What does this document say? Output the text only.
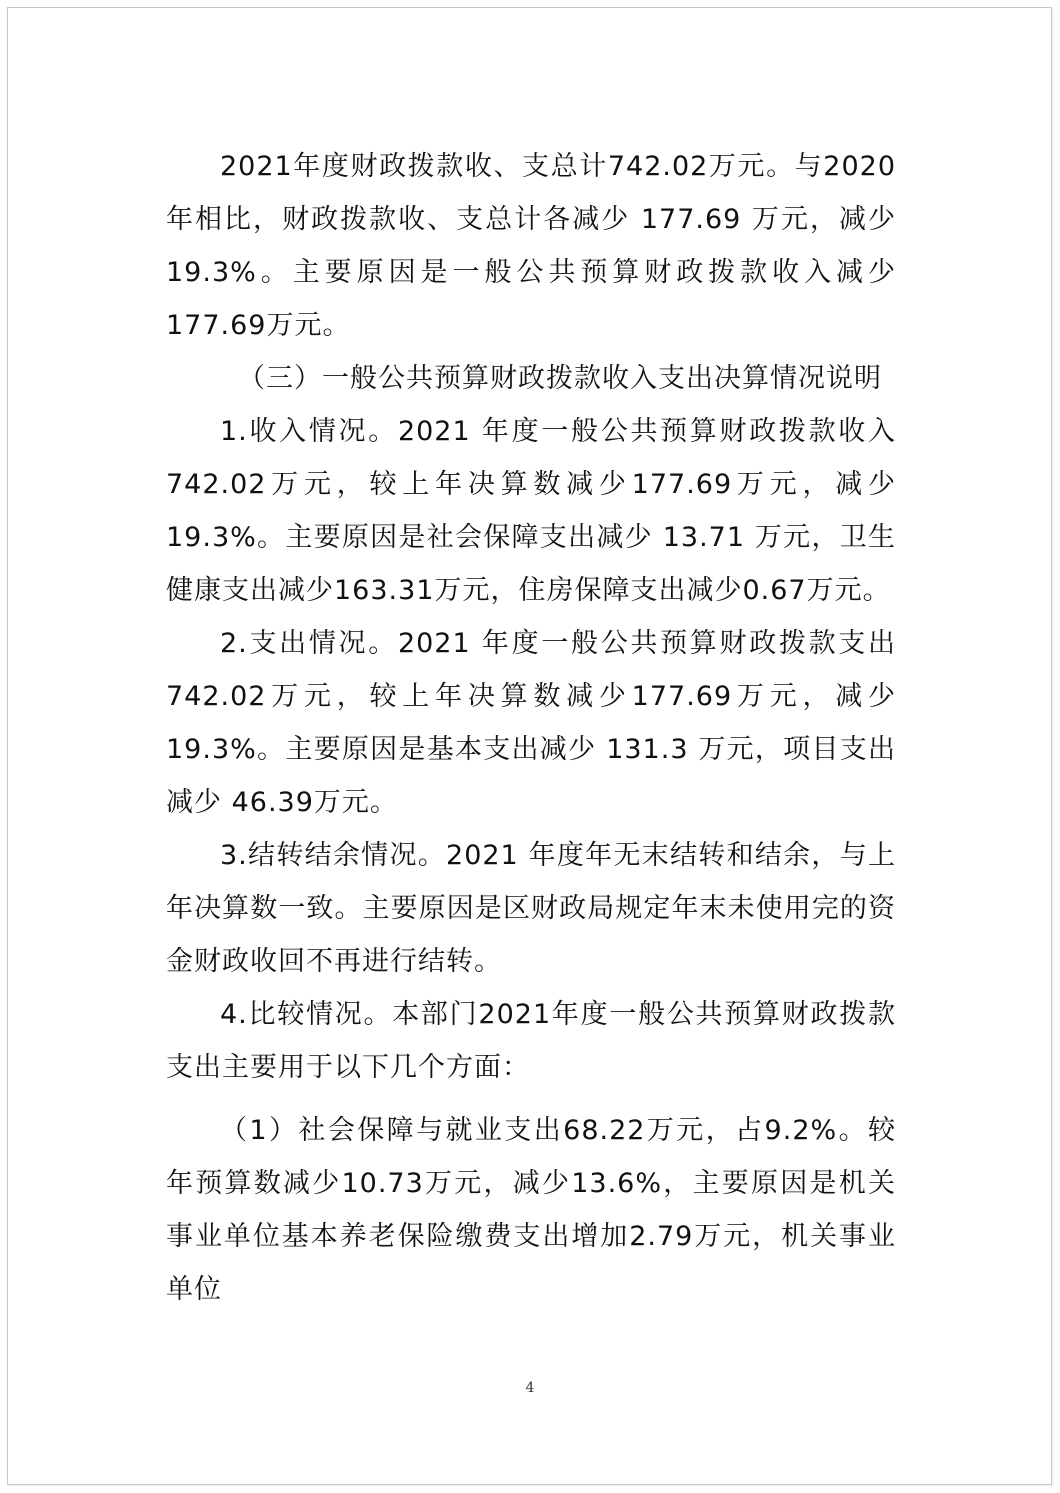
2021年度财政拨款收、支总计742.02万元。与2020年相比，财政拨款收、支总计各减少 177.69 万元，减少19.3%。主要原因是一般公共预算财政拨款收入减少 177.69万元。

（三）一般公共预算财政拨款收入支出决算情况说明

1.收入情况。2021 年度一般公共预算财政拨款收入742.02万元，较上年决算数减少177.69万元，减少 19.3%。主要原因是社会保障支出减少 13.71 万元，卫生健康支出减少163.31万元，住房保障支出减少0.67万元。

2.支出情况。2021 年度一般公共预算财政拨款支出742.02万元，较上年决算数减少177.69万元，减少 19.3%。主要原因是基本支出减少 131.3 万元，项目支出减少 46.39万元。

3.结转结余情况。2021 年度年无末结转和结余，与上年决算数一致。主要原因是区财政局规定年末未使用完的资金财政收回不再进行结转。

4.比较情况。本部门2021年度一般公共预算财政拨款支出主要用于以下几个方面：

（1）社会保障与就业支出68.22万元，占9.2%。较年预算数减少10.73万元，减少13.6%，主要原因是机关事业单位基本养老保险缴费支出增加2.79万元，机关事业单位

4
